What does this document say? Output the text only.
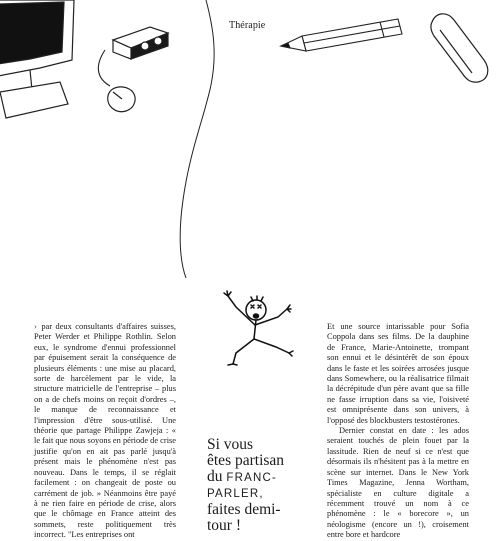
Thérapie

› par deux consultants d'affaires suisses, Peter Werder et Philippe Rothlin. Selon eux, le syndrome d'ennui professionnel par épuisement serait la conséquence de plusieurs éléments : une mise au placard, sorte de harcèlement par le vide, la structure matricielle de l'entreprise – plus on a de chefs moins on reçoit d'ordres –, le manque de reconnaissance et l'impression d'être sous-utilisé. Une théorie que partage Philippe Zawjeja : « le fait que nous soyons en période de crise justifie qu'on en ait pas parlé jusqu'à présent mais le phénomène n'est pas nouveau. Dans le temps, il se réglait facilement : on changeait de poste ou carrément de job. » Néanmoins être payé à ne rien faire en période de crise, alors que le chômage en France atteint des sommets, reste politiquement très incorrect. "Les entreprises ont

Si vous
êtes partisan
du FRANC-
PARLER,
faites demi-
tour !

Et une source intarissable pour Sofia Coppola dans ses films. De la dauphine de France, Marie-Antoinette, trompant son ennui et le désintérêt de son époux dans le faste et les soirées arrosées jusque dans Somewhere, ou la réalisatrice filmait la décrépitude d'un père avant que sa fille ne fasse irruption dans sa vie, l'oisiveté est omniprésente dans son univers, à l'opposé des blockbusters testostérones.

Dernier constat en date : les ados seraient touchés de plein fouet par la lassitude. Rien de neuf si ce n'est que désormais ils n'hésitent pas à la mettre en scène sur internet. Dans le New York Times Magazine, Jenna Wortham, spécialiste en culture digitale a récemment trouvé un nom à ce phénomène : le « borecore », un néologisme (encore un !), croisement entre bore et hardcore
